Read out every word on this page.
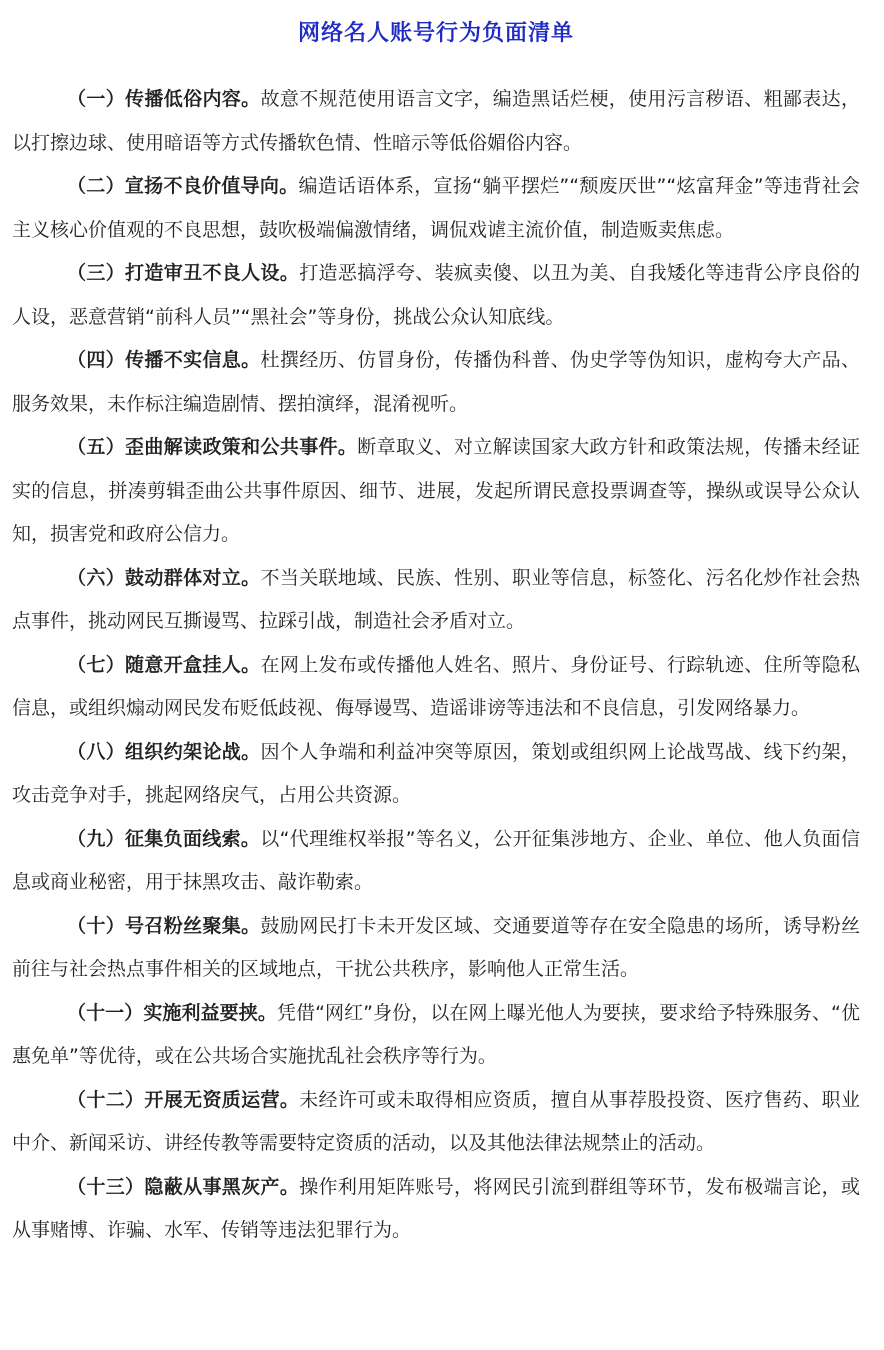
网络名人账号行为负面清单

（一）传播低俗内容。故意不规范使用语言文字，编造黑话烂梗，使用污言秽语、粗鄙表达，以打擦边球、使用暗语等方式传播软色情、性暗示等低俗媚俗内容。

（二）宣扬不良价值导向。编造话语体系，宣扬“躺平摆烂”“颓废厌世”“炫富拜金”等违背社会主义核心价值观的不良思想，鼓吹极端偏激情绪，调侃戏谑主流价值，制造贩卖焦虑。

（三）打造审丑不良人设。打造恶搞浮夸、装疯卖傻、以丑为美、自我矮化等违背公序良俗的人设，恶意营销“前科人员”“黑社会”等身份，挑战公众认知底线。

（四）传播不实信息。杜撰经历、仿冒身份，传播伪科普、伪史学等伪知识，虚构夸大产品、服务效果，未作标注编造剧情、摆拍演绎，混淆视听。

（五）歪曲解读政策和公共事件。断章取义、对立解读国家大政方针和政策法规，传播未经证实的信息，拼凑剪辑歪曲公共事件原因、细节、进展，发起所谓民意投票调查等，操纵或误导公众认知，损害党和政府公信力。

（六）鼓动群体对立。不当关联地域、民族、性别、职业等信息，标签化、污名化炒作社会热点事件，挑动网民互撕谩骂、拉踩引战，制造社会矛盾对立。

（七）随意开盒挂人。在网上发布或传播他人姓名、照片、身份证号、行踪轨迹、住所等隐私信息，或组织煽动网民发布贬低歧视、侮辱谩骂、造谣诽谤等违法和不良信息，引发网络暴力。

（八）组织约架论战。因个人争端和利益冲突等原因，策划或组织网上论战骂战、线下约架，攻击竞争对手，挑起网络戾气，占用公共资源。

（九）征集负面线索。以“代理维权举报”等名义，公开征集涉地方、企业、单位、他人负面信息或商业秘密，用于抹黑攻击、敲诈勒索。

（十）号召粉丝聚集。鼓励网民打卡未开发区域、交通要道等存在安全隐患的场所，诱导粉丝前往与社会热点事件相关的区域地点，干扰公共秩序，影响他人正常生活。

（十一）实施利益要挟。凭借“网红”身份，以在网上曝光他人为要挟，要求给予特殊服务、“优惠免单”等优待，或在公共场合实施扰乱社会秩序等行为。

（十二）开展无资质运营。未经许可或未取得相应资质，擅自从事荐股投资、医疗售药、职业中介、新闻采访、讲经传教等需要特定资质的活动，以及其他法律法规禁止的活动。

（十三）隐蔽从事黑灰产。操作利用矩阵账号，将网民引流到群组等环节，发布极端言论，或从事赌博、诈骗、水军、传销等违法犯罪行为。
